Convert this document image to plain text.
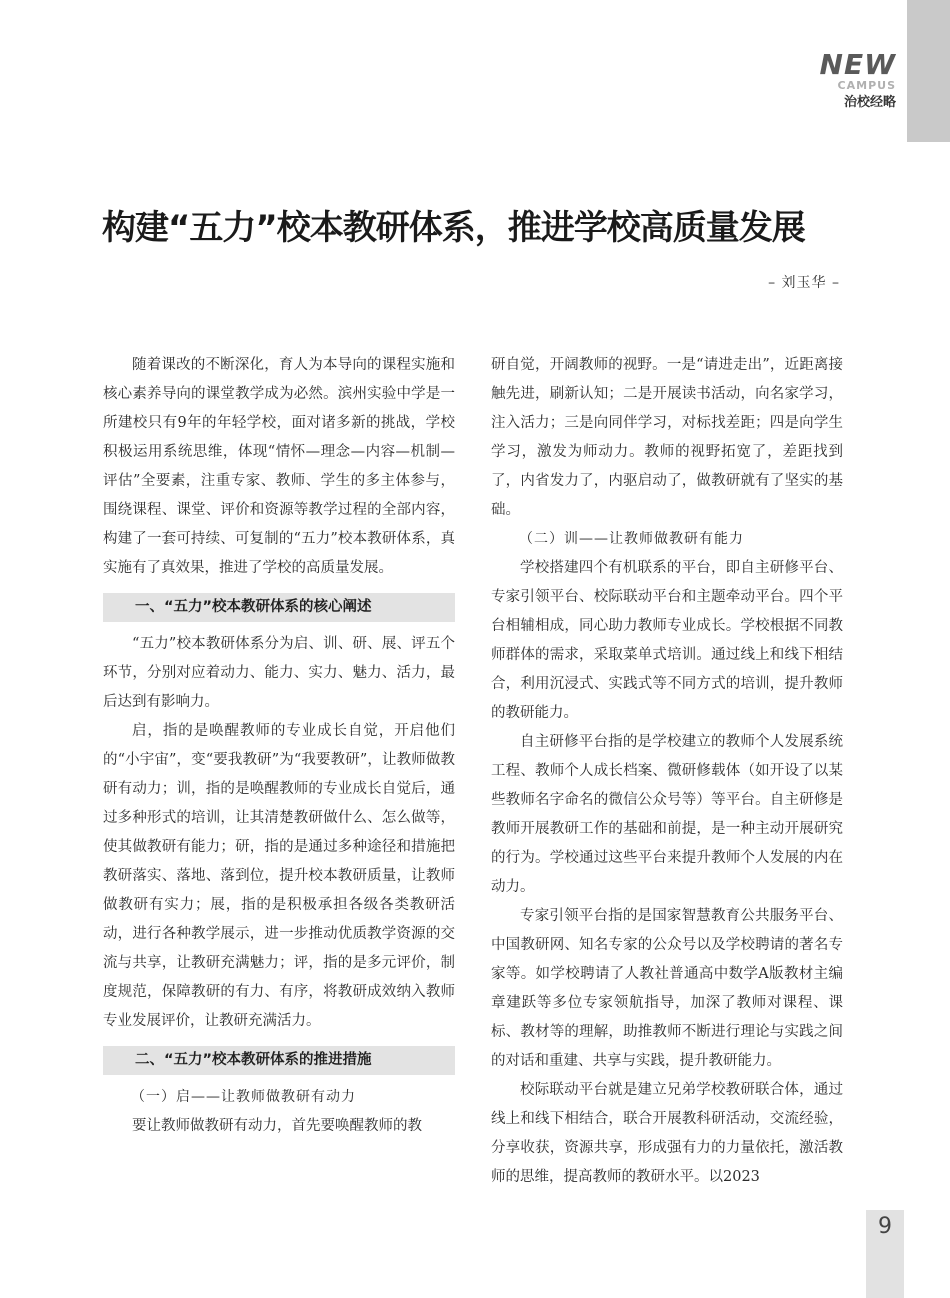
NEW
CAMPUS
治校经略
构建“五力”校本教研体系，推进学校高质量发展
– 刘玉华 –

随着课改的不断深化，育人为本导向的课程实施和核心素养导向的课堂教学成为必然。滨州实验中学是一所建校只有9年的年轻学校，面对诸多新的挑战，学校积极运用系统思维，体现“情怀—理念—内容—机制—评估”全要素，注重专家、教师、学生的多主体参与，围绕课程、课堂、评价和资源等教学过程的全部内容，构建了一套可持续、可复制的“五力”校本教研体系，真实施有了真效果，推进了学校的高质量发展。

一、“五力”校本教研体系的核心阐述

“五力”校本教研体系分为启、训、研、展、评五个环节，分别对应着动力、能力、实力、魅力、活力，最后达到有影响力。

启，指的是唤醒教师的专业成长自觉，开启他们的“小宇宙”，变“要我教研”为“我要教研”，让教师做教研有动力；训，指的是唤醒教师的专业成长自觉后，通过多种形式的培训，让其清楚教研做什么、怎么做等，使其做教研有能力；研，指的是通过多种途径和措施把教研落实、落地、落到位，提升校本教研质量，让教师做教研有实力；展，指的是积极承担各级各类教研活动，进行各种教学展示，进一步推动优质教学资源的交流与共享，让教研充满魅力；评，指的是多元评价，制度规范，保障教研的有力、有序，将教研成效纳入教师专业发展评价，让教研充满活力。

二、“五力”校本教研体系的推进措施

（一）启——让教师做教研有动力

要让教师做教研有动力，首先要唤醒教师的教

研自觉，开阔教师的视野。一是“请进走出”，近距离接触先进，刷新认知；二是开展读书活动，向名家学习，注入活力；三是向同伴学习，对标找差距；四是向学生学习，激发为师动力。教师的视野拓宽了，差距找到了，内省发力了，内驱启动了，做教研就有了坚实的基础。

（二）训——让教师做教研有能力

学校搭建四个有机联系的平台，即自主研修平台、专家引领平台、校际联动平台和主题牵动平台。四个平台相辅相成，同心助力教师专业成长。学校根据不同教师群体的需求，采取菜单式培训。通过线上和线下相结合，利用沉浸式、实践式等不同方式的培训，提升教师的教研能力。

自主研修平台指的是学校建立的教师个人发展系统工程、教师个人成长档案、微研修载体（如开设了以某些教师名字命名的微信公众号等）等平台。自主研修是教师开展教研工作的基础和前提，是一种主动开展研究的行为。学校通过这些平台来提升教师个人发展的内在动力。

专家引领平台指的是国家智慧教育公共服务平台、中国教研网、知名专家的公众号以及学校聘请的著名专家等。如学校聘请了人教社普通高中数学A版教材主编章建跃等多位专家领航指导，加深了教师对课程、课标、教材等的理解，助推教师不断进行理论与实践之间的对话和重建、共享与实践，提升教研能力。

校际联动平台就是建立兄弟学校教研联合体，通过线上和线下相结合，联合开展教科研活动，交流经验，分享收获，资源共享，形成强有力的力量依托，激活教师的思维，提高教师的教研水平。以2023

9
